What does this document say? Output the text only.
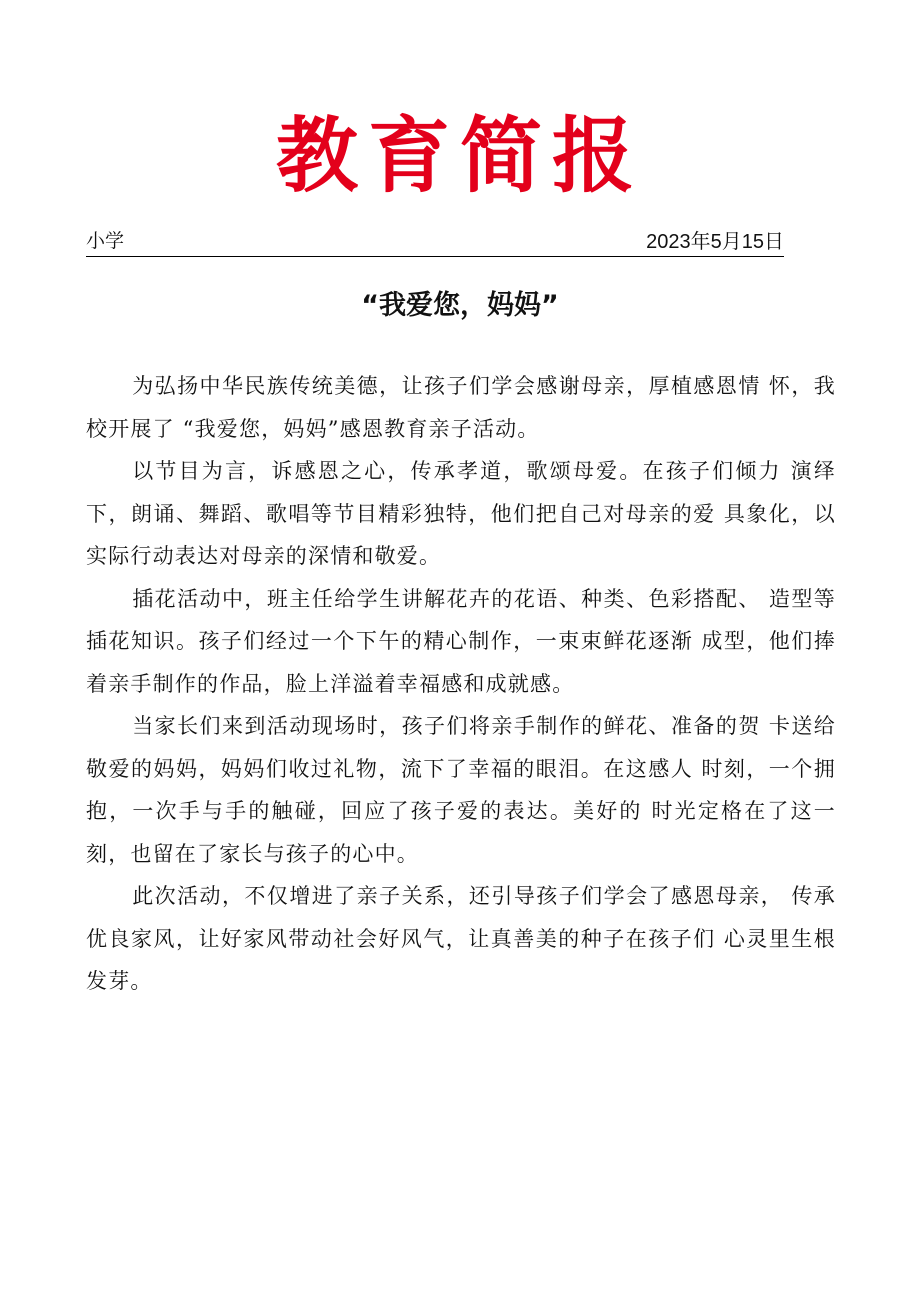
教育简报
小学	2023年5月15日
“我爱您，妈妈”

为弘扬中华民族传统美德，让孩子们学会感谢母亲，厚植感恩情 怀，我校开展了 “我爱您，妈妈”感恩教育亲子活动。

以节目为言，诉感恩之心，传承孝道，歌颂母爱。在孩子们倾力 演绎下，朗诵、舞蹈、歌唱等节目精彩独特，他们把自己对母亲的爱 具象化，以实际行动表达对母亲的深情和敬爱。

插花活动中，班主任给学生讲解花卉的花语、种类、色彩搭配、 造型等插花知识。孩子们经过一个下午的精心制作，一束束鲜花逐渐 成型，他们捧着亲手制作的作品，脸上洋溢着幸福感和成就感。

当家长们来到活动现场时，孩子们将亲手制作的鲜花、准备的贺 卡送给敬爱的妈妈，妈妈们收过礼物，流下了幸福的眼泪。在这感人 时刻，一个拥抱，一次手与手的触碰，回应了孩子爱的表达。美好的 时光定格在了这一刻，也留在了家长与孩子的心中。

此次活动，不仅增进了亲子关系，还引导孩子们学会了感恩母亲， 传承优良家风，让好家风带动社会好风气，让真善美的种子在孩子们 心灵里生根发芽。
